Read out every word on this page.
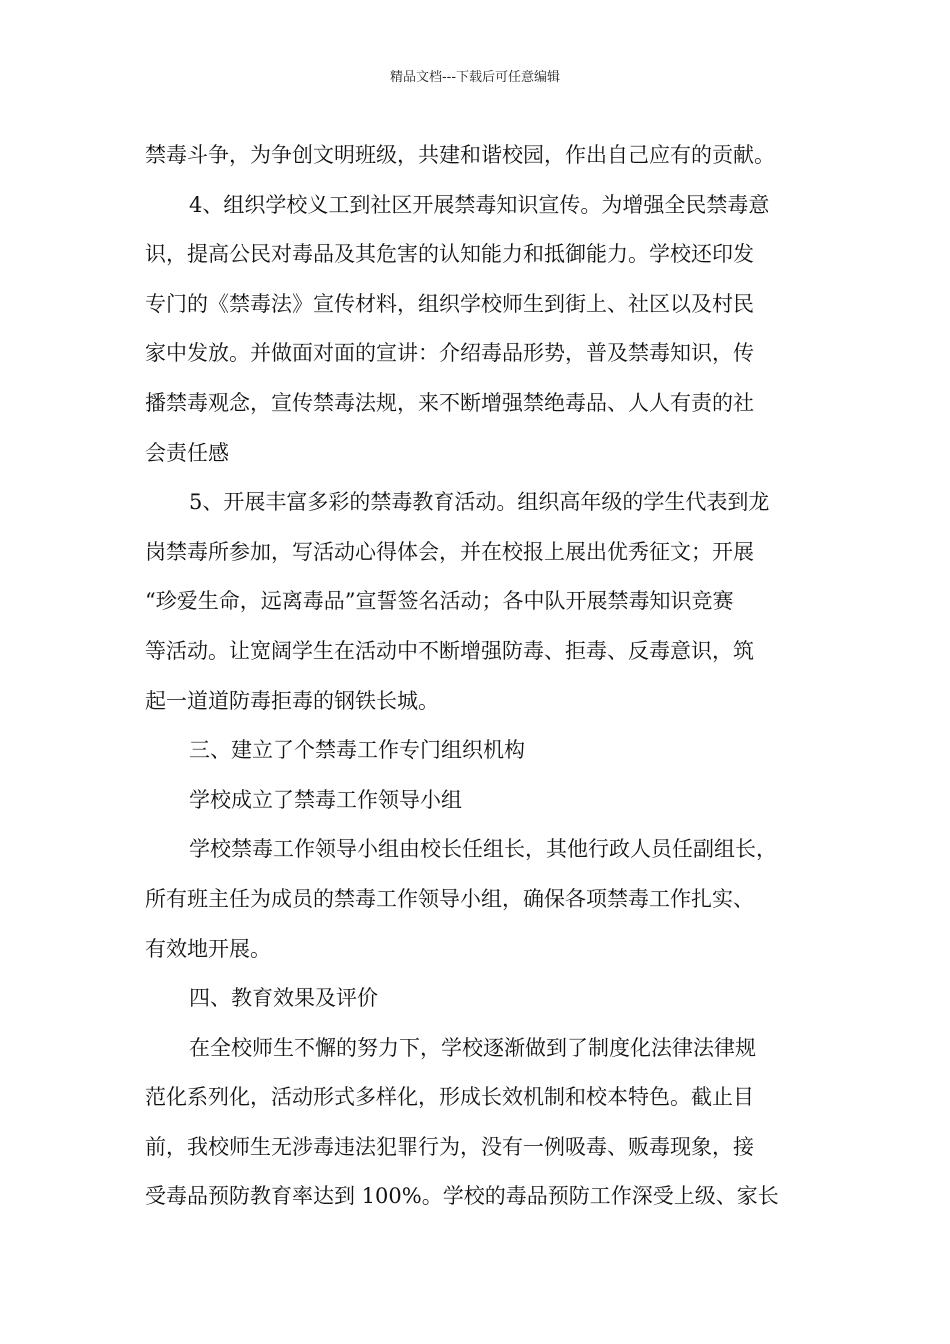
精品文档---下载后可任意编辑
禁毒斗争，为争创文明班级，共建和谐校园，作出自己应有的贡献。
4、组织学校义工到社区开展禁毒知识宣传。为增强全民禁毒意
识，提高公民对毒品及其危害的认知能力和抵御能力。学校还印发
专门的《禁毒法》宣传材料，组织学校师生到街上、社区以及村民
家中发放。并做面对面的宣讲：介绍毒品形势，普及禁毒知识，传
播禁毒观念，宣传禁毒法规，来不断增强禁绝毒品、人人有责的社
会责任感
5、开展丰富多彩的禁毒教育活动。组织高年级的学生代表到龙
岗禁毒所参加，写活动心得体会，并在校报上展出优秀征文；开展
“珍爱生命，远离毒品”宣誓签名活动；各中队开展禁毒知识竞赛
等活动。让宽阔学生在活动中不断增强防毒、拒毒、反毒意识，筑
起一道道防毒拒毒的钢铁长城。
三、建立了个禁毒工作专门组织机构
学校成立了禁毒工作领导小组
学校禁毒工作领导小组由校长任组长，其他行政人员任副组长，
所有班主任为成员的禁毒工作领导小组，确保各项禁毒工作扎实、
有效地开展。
四、教育效果及评价
在全校师生不懈的努力下，学校逐渐做到了制度化法律法律规
范化系列化，活动形式多样化，形成长效机制和校本特色。截止目
前，我校师生无涉毒违法犯罪行为，没有一例吸毒、贩毒现象，接
受毒品预防教育率达到 100%。学校的毒品预防工作深受上级、家长
